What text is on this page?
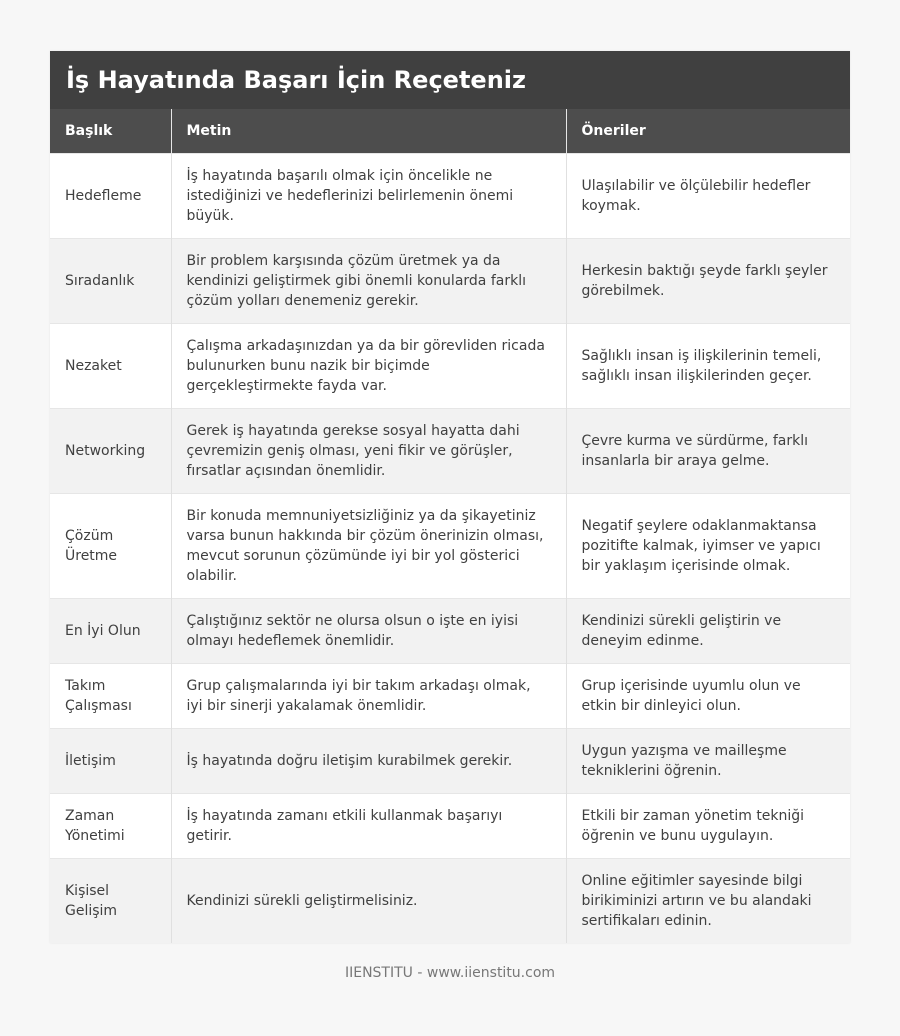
İş Hayatında Başarı İçin Reçeteniz
Başlık	Metin	Öneriler
Hedefleme	İş hayatında başarılı olmak için öncelikle ne istediğinizi ve hedeflerinizi belirlemenin önemi büyük.	Ulaşılabilir ve ölçülebilir hedefler koymak.
Sıradanlık	Bir problem karşısında çözüm üretmek ya da kendinizi geliştirmek gibi önemli konularda farklı çözüm yolları denemeniz gerekir.	Herkesin baktığı şeyde farklı şeyler görebilmek.
Nezaket	Çalışma arkadaşınızdan ya da bir görevliden ricada bulunurken bunu nazik bir biçimde gerçekleştirmekte fayda var.	Sağlıklı insan iş ilişkilerinin temeli, sağlıklı insan ilişkilerinden geçer.
Networking	Gerek iş hayatında gerekse sosyal hayatta dahi çevremizin geniş olması, yeni fikir ve görüşler, fırsatlar açısından önemlidir.	Çevre kurma ve sürdürme, farklı insanlarla bir araya gelme.
Çözüm Üretme	Bir konuda memnuniyetsizliğiniz ya da şikayetiniz varsa bunun hakkında bir çözüm önerinizin olması, mevcut sorunun çözümünde iyi bir yol gösterici olabilir.	Negatif şeylere odaklanmaktansa pozitifte kalmak, iyimser ve yapıcı bir yaklaşım içerisinde olmak.
En İyi Olun	Çalıştığınız sektör ne olursa olsun o işte en iyisi olmayı hedeflemek önemlidir.	Kendinizi sürekli geliştirin ve deneyim edinme.
Takım Çalışması	Grup çalışmalarında iyi bir takım arkadaşı olmak, iyi bir sinerji yakalamak önemlidir.	Grup içerisinde uyumlu olun ve etkin bir dinleyici olun.
İletişim	İş hayatında doğru iletişim kurabilmek gerekir.	Uygun yazışma ve mailleşme tekniklerini öğrenin.
Zaman Yönetimi	İş hayatında zamanı etkili kullanmak başarıyı getirir.	Etkili bir zaman yönetim tekniği öğrenin ve bunu uygulayın.
Kişisel Gelişim	Kendinizi sürekli geliştirmelisiniz.	Online eğitimler sayesinde bilgi birikiminizi artırın ve bu alandaki sertifikaları edinin.
IIENSTITU - www.iienstitu.com
